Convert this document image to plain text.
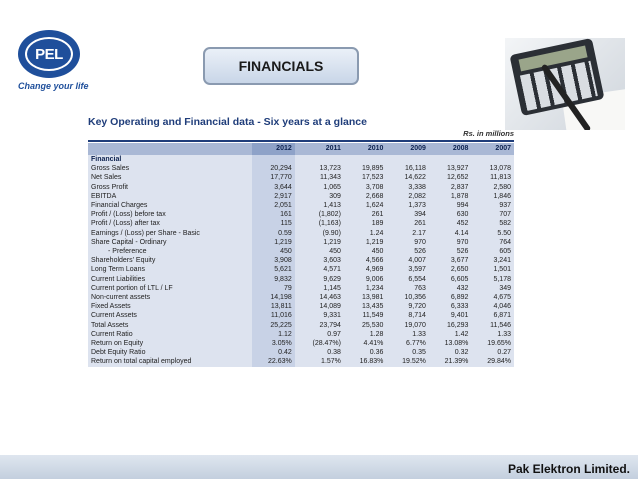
PEL
Change your life
FINANCIALS
Key Operating and Financial data - Six years at a glance
Rs. in millions
	2012	2011	2010	2009	2008	2007
Financial						
Gross Sales	20,294	13,723	19,895	16,118	13,927	13,078
Net Sales	17,770	11,343	17,523	14,622	12,652	11,813
Gross Profit	3,644	1,065	3,708	3,338	2,837	2,580
EBITDA	2,917	309	2,668	2,082	1,878	1,846
Financial Charges	2,051	1,413	1,624	1,373	994	937
Profit / (Loss) before tax	161	(1,802)	261	394	630	707
Profit / (Loss) after tax	115	(1,163)	189	261	452	582
Earnings / (Loss) per Share - Basic	0.59	(9.90)	1.24	2.17	4.14	5.50
Share Capital - Ordinary	1,219	1,219	1,219	970	970	764
- Preference	450	450	450	526	526	605
Shareholders' Equity	3,908	3,603	4,566	4,007	3,677	3,241
Long Term Loans	5,621	4,571	4,969	3,597	2,650	1,501
Current Liabilities	9,832	9,629	9,006	6,554	6,605	5,178
Current portion of LTL / LF	79	1,145	1,234	763	432	349
Non-current assets	14,198	14,463	13,981	10,356	6,892	4,675
Fixed Assets	13,811	14,089	13,435	9,720	6,333	4,046
Current Assets	11,016	9,331	11,549	8,714	9,401	6,871
Total Assets	25,225	23,794	25,530	19,070	16,293	11,546
Current Ratio	1.12	0.97	1.28	1.33	1.42	1.33
Return on Equity	3.05%	(28.47%)	4.41%	6.77%	13.08%	19.65%
Debt Equity Ratio	0.42	0.38	0.36	0.35	0.32	0.27
Return on total capital employed	22.63%	1.57%	16.83%	19.52%	21.39%	29.84%
Pak Elektron Limited.
